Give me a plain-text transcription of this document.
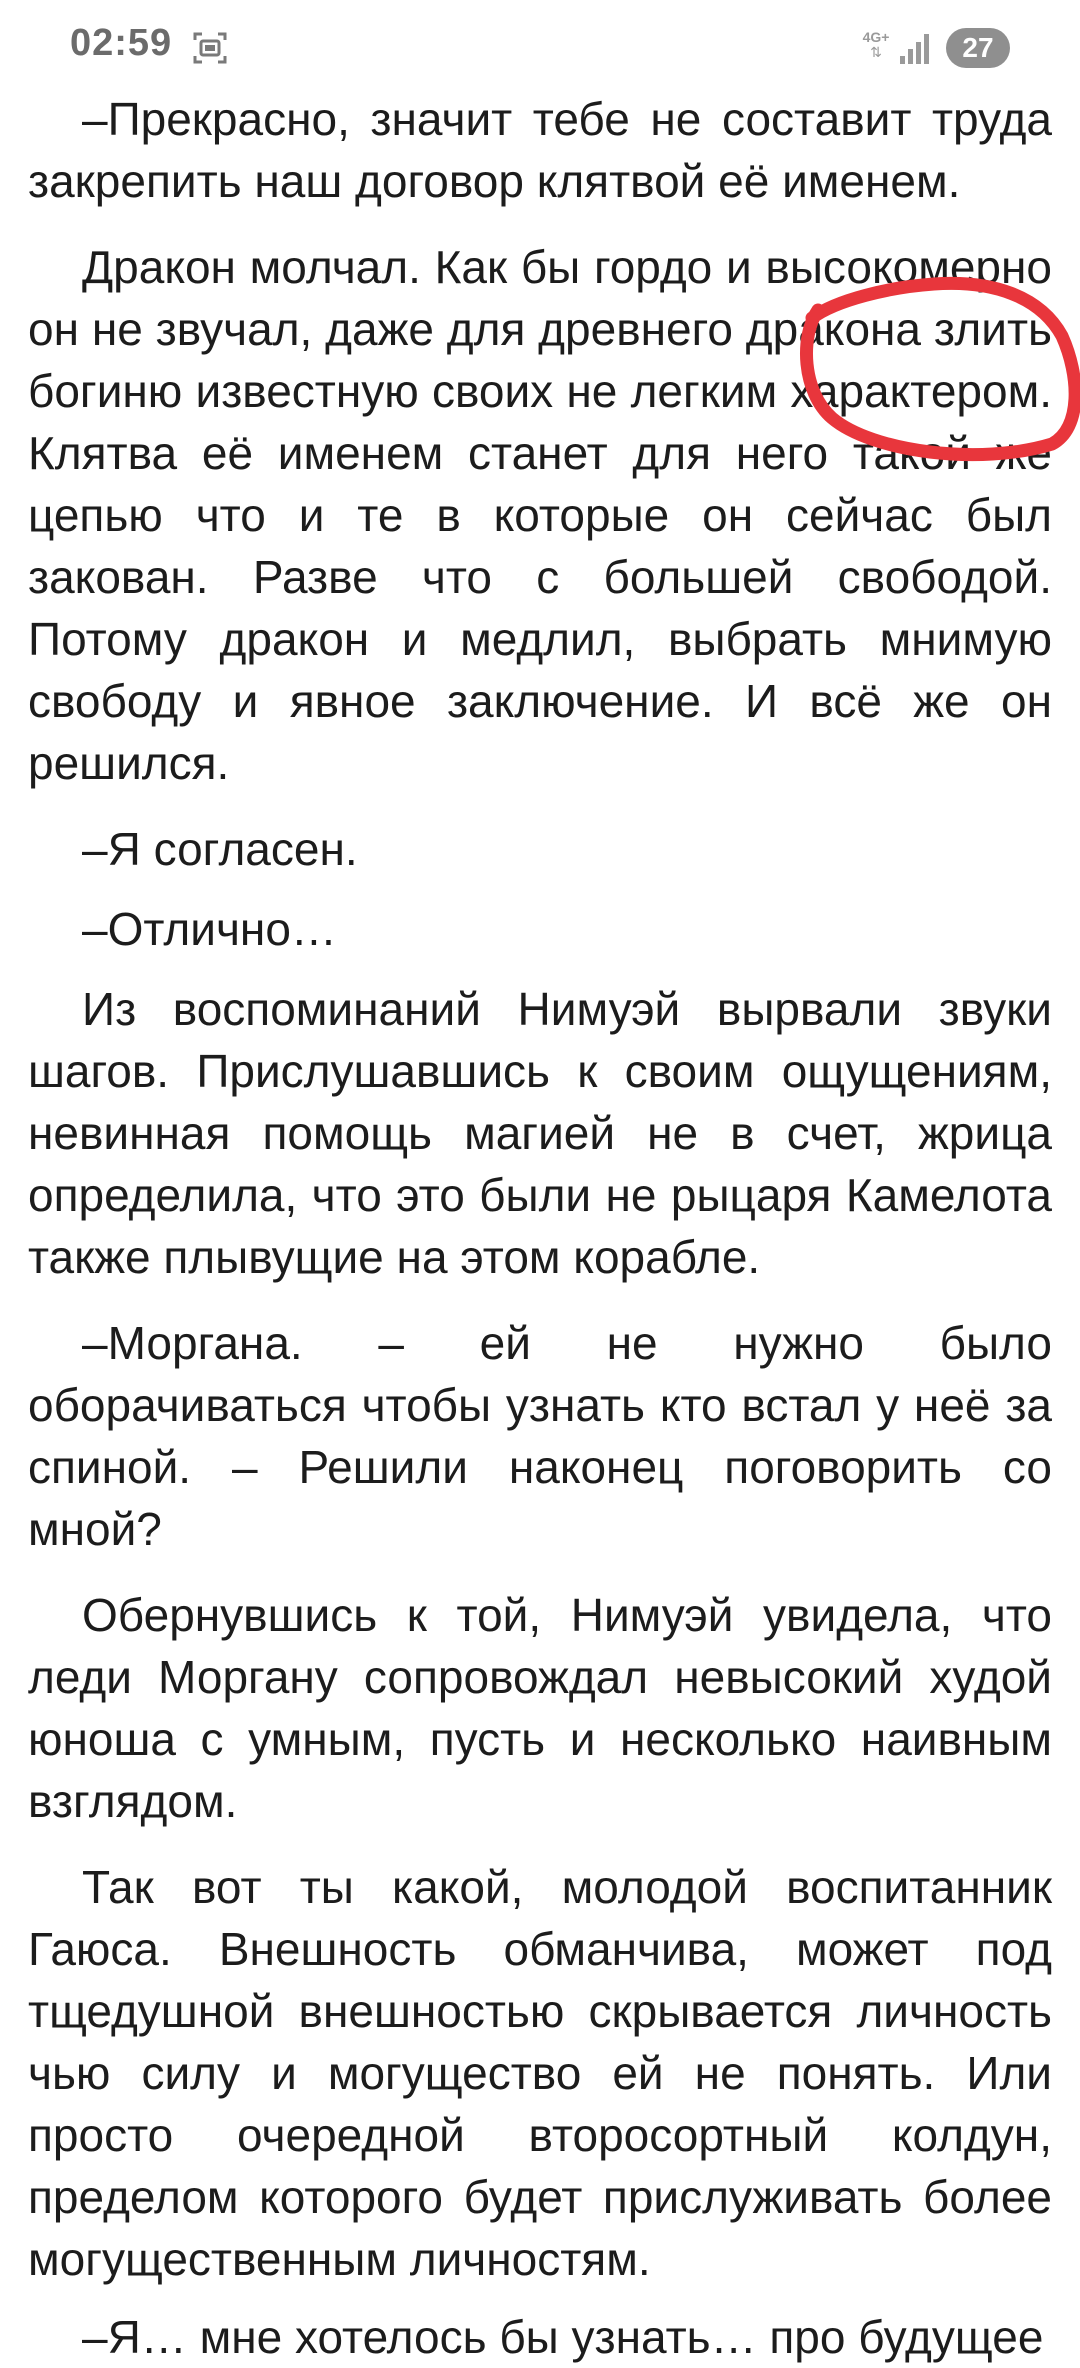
02:59	4G+
⇅	27

–Прекрасно, значит тебе не составит труда закрепить наш договор клятвой её именем.

Дракон молчал. Как бы гордо и высокомерно он не звучал, даже для древнего дракона злить богиню известную своих не легким характером. Клятва её именем станет для него такой же цепью что и те в которые он сейчас был закован. Разве что с большей свободой. Потому дракон и медлил, выбрать мнимую свободу и явное заключение. И всё же он решился.

–Я согласен.

–Отлично…

Из воспоминаний Нимуэй вырвали звуки шагов. Прислушавшись к своим ощущениям, невинная помощь магией не в счет, жрица определила, что это были не рыцаря Камелота также плывущие на этом корабле.

–Моргана. – ей не нужно было оборачиваться чтобы узнать кто встал у неё за спиной. – Решили наконец поговорить со мной?

Обернувшись к той, Нимуэй увидела, что леди Моргану сопровождал невысокий худой юноша с умным, пусть и несколько наивным взглядом.

Так вот ты какой, молодой воспитанник Гаюса. Внешность обманчива, может под тщедушной внешностью скрывается личность чью силу и могущество ей не понять. Или просто очередной второсортный колдун, пределом которого будет прислуживать более могущественным личностям.

–Я… мне хотелось бы узнать… про будущее
